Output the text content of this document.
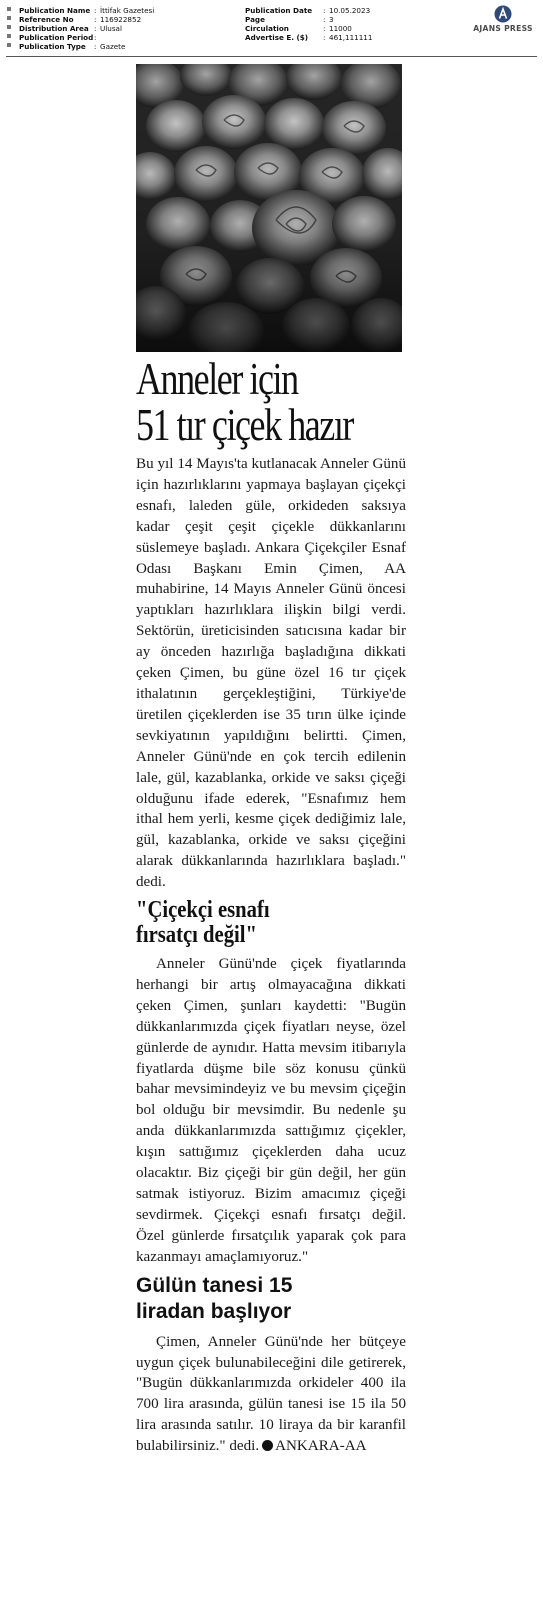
Publication Name : İttifak Gazetesi
Reference No	: 116922852
Distribution Area : Ulusal
Publication Period :
Publication Type	: Gazete
Publication Date	: 10.05.2023
Page	: 3
Circulation	: 11000
Advertise E. ($)	: 461,111111
AJANS PRESS
Anneler için
51 tır çiçek hazır

Bu yıl 14 Mayıs'ta kutlanacak Anneler Günü için hazırlıklarını yapmaya başlayan çiçekçi esnafı, laleden güle, orkideden saksıya kadar çeşit çeşit çiçekle dükkanlarını süslemeye başladı. Ankara Çiçekçiler Esnaf Odası Başkanı Emin Çimen, AA muhabirine, 14 Mayıs Anneler Günü öncesi yaptıkları hazırlıklara ilişkin bilgi verdi. Sektörün, üreticisinden satıcısına kadar bir ay önceden hazırlığa başladığına dikkati çeken Çimen, bu güne özel 16 tır çiçek ithalatının gerçekleştiğini, Türkiye'de üretilen çiçeklerden ise 35 tırın ülke içinde sevkiyatının yapıldığını belirtti. Çimen, Anneler Günü'nde en çok tercih edilenin lale, gül, kazablanka, orkide ve saksı çiçeği olduğunu ifade ederek, "Esnafımız hem ithal hem yerli, kesme çiçek dediğimiz lale, gül, kazablanka, orkide ve saksı çiçeğini alarak dükkanlarında hazırlıklara başladı." dedi.

"Çiçekçi esnafı
fırsatçı değil"

Anneler Günü'nde çiçek fiyatlarında herhangi bir artış olmayacağına dikkati çeken Çimen, şunları kaydetti: "Bugün dükkanlarımızda çiçek fiyatları neyse, özel günlerde de aynıdır. Hatta mevsim itibarıyla fiyatlarda düşme bile söz konusu çünkü bahar mevsimindeyiz ve bu mevsim çiçeğin bol olduğu bir mevsimdir. Bu nedenle şu anda dükkanlarımızda sattığımız çiçekler, kışın sattığımız çiçeklerden daha ucuz olacaktır. Biz çiçeği bir gün değil, her gün satmak istiyoruz. Bizim amacımız çiçeği sevdirmek. Çiçekçi esnafı fırsatçı değil. Özel günlerde fırsatçılık yaparak çok para kazanmayı amaçlamıyoruz."

Gülün tanesi 15
liradan başlıyor

Çimen, Anneler Günü'nde her bütçeye uygun çiçek bulunabileceğini dile getirerek, "Bugün dükkanlarımızda orkideler 400 ila 700 lira arasında, gülün tanesi ise 15 ila 50 lira arasında satılır. 10 liraya da bir karanfil bulabilirsiniz." dedi. ANKARA-AA
